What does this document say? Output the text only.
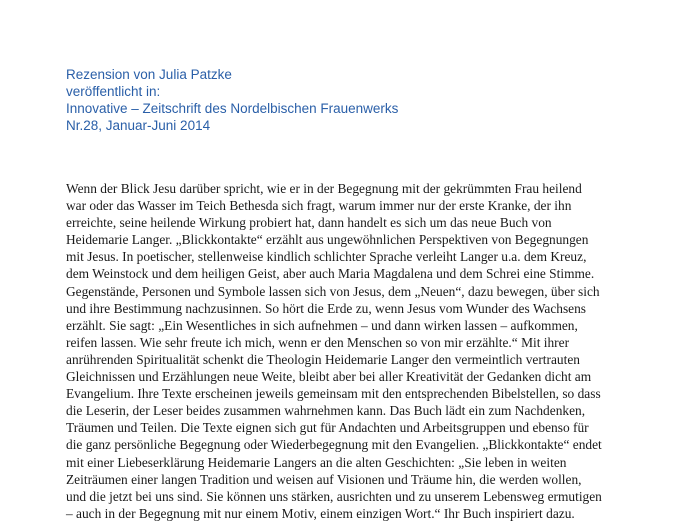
Rezension von Julia Patzke
veröffentlicht in:
Innovative – Zeitschrift des Nordelbischen Frauenwerks
Nr.28, Januar-Juni 2014
Wenn der Blick Jesu darüber spricht, wie er in der Begegnung mit der gekrümmten Frau heilend
war oder das Wasser im Teich Bethesda sich fragt, warum immer nur der erste Kranke, der ihn
erreichte, seine heilende Wirkung probiert hat, dann handelt es sich um das neue Buch von
Heidemarie Langer. „Blickkontakte“ erzählt aus ungewöhnlichen Perspektiven von Begegnungen
mit Jesus. In poetischer, stellenweise kindlich schlichter Sprache verleiht Langer u.a. dem Kreuz,
dem Weinstock und dem heiligen Geist, aber auch Maria Magdalena und dem Schrei eine Stimme.
Gegenstände, Personen und Symbole lassen sich von Jesus, dem „Neuen“, dazu bewegen, über sich
und ihre Bestimmung nachzusinnen. So hört die Erde zu, wenn Jesus vom Wunder des Wachsens
erzählt. Sie sagt: „Ein Wesentliches in sich aufnehmen – und dann wirken lassen – aufkommen,
reifen lassen. Wie sehr freute ich mich, wenn er den Menschen so von mir erzählte.“ Mit ihrer
anrührenden Spiritualität schenkt die Theologin Heidemarie Langer den vermeintlich vertrauten
Gleichnissen und Erzählungen neue Weite, bleibt aber bei aller Kreativität der Gedanken dicht am
Evangelium. Ihre Texte erscheinen jeweils gemeinsam mit den entsprechenden Bibelstellen, so dass
die Leserin, der Leser beides zusammen wahrnehmen kann. Das Buch lädt ein zum Nachdenken,
Träumen und Teilen. Die Texte eignen sich gut für Andachten und Arbeitsgruppen und ebenso für
die ganz persönliche Begegnung oder Wiederbegegnung mit den Evangelien. „Blickkontakte“ endet
mit einer Liebeserklärung Heidemarie Langers an die alten Geschichten: „Sie leben in weiten
Zeiträumen einer langen Tradition und weisen auf Visionen und Träume hin, die werden wollen,
und die jetzt bei uns sind. Sie können uns stärken, ausrichten und zu unserem Lebensweg ermutigen
– auch in der Begegnung mit nur einem Motiv, einem einzigen Wort.“ Ihr Buch inspiriert dazu.
